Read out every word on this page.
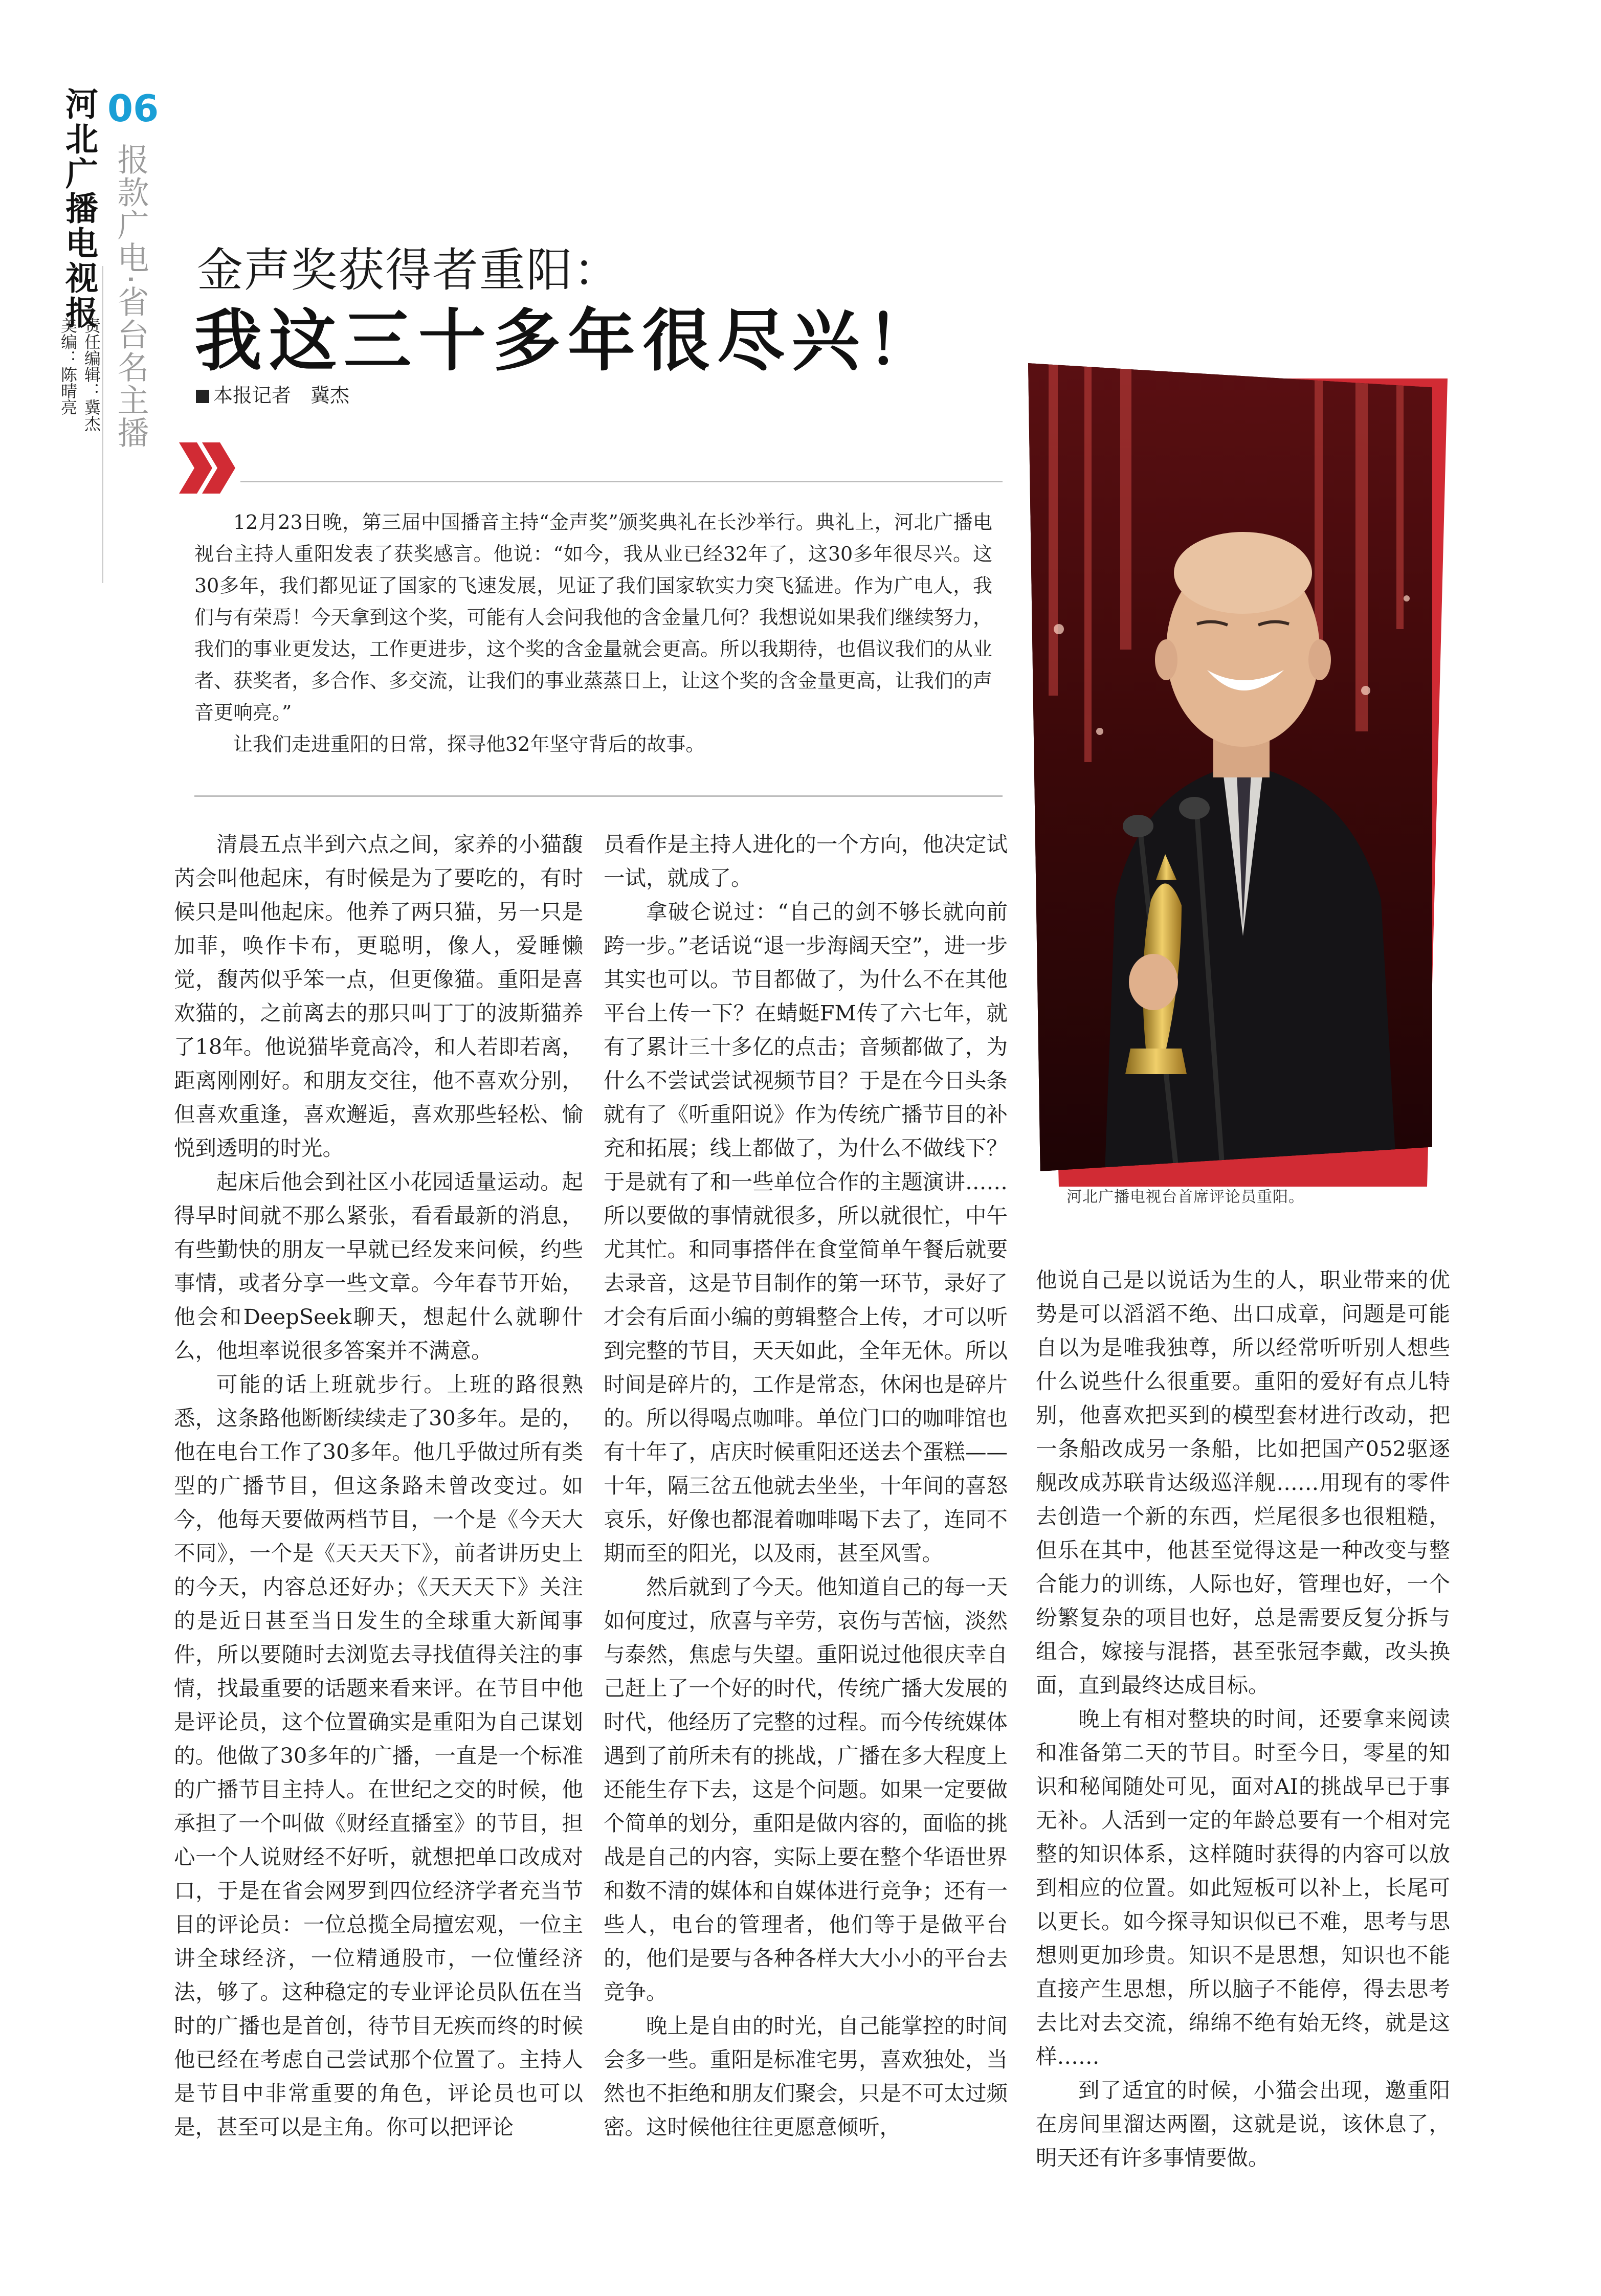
河北广播电视报 06
报款广电·省台名主播
责任编辑：冀杰
美编：陈晴亮
金声奖获得者重阳：
我这三十多年很尽兴！
本报记者　冀杰

12月23日晚，第三届中国播音主持“金声奖”颁奖典礼在长沙举行。典礼上，河北广播电视台主持人重阳发表了获奖感言。他说：“如今，我从业已经32年了，这30多年很尽兴。这30多年，我们都见证了国家的飞速发展，见证了我们国家软实力突飞猛进。作为广电人，我们与有荣焉！今天拿到这个奖，可能有人会问我他的含金量几何？我想说如果我们继续努力，我们的事业更发达，工作更进步，这个奖的含金量就会更高。所以我期待，也倡议我们的从业者、获奖者，多合作、多交流，让我们的事业蒸蒸日上，让这个奖的含金量更高，让我们的声音更响亮。”

让我们走进重阳的日常，探寻他32年坚守背后的故事。

河北广播电视台首席评论员重阳。

清晨五点半到六点之间，家养的小猫馥芮会叫他起床，有时候是为了要吃的，有时候只是叫他起床。他养了两只猫，另一只是加菲，唤作卡布，更聪明，像人，爱睡懒觉，馥芮似乎笨一点，但更像猫。重阳是喜欢猫的，之前离去的那只叫丁丁的波斯猫养了18年。他说猫毕竟高冷，和人若即若离，距离刚刚好。和朋友交往，他不喜欢分别，但喜欢重逢，喜欢邂逅，喜欢那些轻松、愉悦到透明的时光。

起床后他会到社区小花园适量运动。起得早时间就不那么紧张，看看最新的消息，有些勤快的朋友一早就已经发来问候，约些事情，或者分享一些文章。今年春节开始，他会和DeepSeek聊天，想起什么就聊什么，他坦率说很多答案并不满意。

可能的话上班就步行。上班的路很熟悉，这条路他断断续续走了30多年。是的，他在电台工作了30多年。他几乎做过所有类型的广播节目，但这条路未曾改变过。如今，他每天要做两档节目，一个是《今天大不同》，一个是《天天天下》，前者讲历史上的今天，内容总还好办；《天天天下》关注的是近日甚至当日发生的全球重大新闻事件，所以要随时去浏览去寻找值得关注的事情，找最重要的话题来看来评。在节目中他是评论员，这个位置确实是重阳为自己谋划的。他做了30多年的广播，一直是一个标准的广播节目主持人。在世纪之交的时候，他承担了一个叫做《财经直播室》的节目，担心一个人说财经不好听，就想把单口改成对口，于是在省会网罗到四位经济学者充当节目的评论员：一位总揽全局擅宏观，一位主讲全球经济，一位精通股市，一位懂经济法，够了。这种稳定的专业评论员队伍在当时的广播也是首创，待节目无疾而终的时候他已经在考虑自己尝试那个位置了。主持人是节目中非常重要的角色，评论员也可以是，甚至可以是主角。你可以把评论

员看作是主持人进化的一个方向，他决定试一试，就成了。

拿破仑说过：“自己的剑不够长就向前跨一步。”老话说“退一步海阔天空”，进一步其实也可以。节目都做了，为什么不在其他平台上传一下？在蜻蜓FM传了六七年，就有了累计三十多亿的点击；音频都做了，为什么不尝试尝试视频节目？于是在今日头条就有了《听重阳说》作为传统广播节目的补充和拓展；线上都做了，为什么不做线下？于是就有了和一些单位合作的主题演讲……所以要做的事情就很多，所以就很忙，中午尤其忙。和同事搭伴在食堂简单午餐后就要去录音，这是节目制作的第一环节，录好了才会有后面小编的剪辑整合上传，才可以听到完整的节目，天天如此，全年无休。所以时间是碎片的，工作是常态，休闲也是碎片的。所以得喝点咖啡。单位门口的咖啡馆也有十年了，店庆时候重阳还送去个蛋糕——十年，隔三岔五他就去坐坐，十年间的喜怒哀乐，好像也都混着咖啡喝下去了，连同不期而至的阳光，以及雨，甚至风雪。

然后就到了今天。他知道自己的每一天如何度过，欣喜与辛劳，哀伤与苦恼，淡然与泰然，焦虑与失望。重阳说过他很庆幸自己赶上了一个好的时代，传统广播大发展的时代，他经历了完整的过程。而今传统媒体遇到了前所未有的挑战，广播在多大程度上还能生存下去，这是个问题。如果一定要做个简单的划分，重阳是做内容的，面临的挑战是自己的内容，实际上要在整个华语世界和数不清的媒体和自媒体进行竞争；还有一些人，电台的管理者，他们等于是做平台的，他们是要与各种各样大大小小的平台去竞争。

晚上是自由的时光，自己能掌控的时间会多一些。重阳是标准宅男，喜欢独处，当然也不拒绝和朋友们聚会，只是不可太过频密。这时候他往往更愿意倾听，

他说自己是以说话为生的人，职业带来的优势是可以滔滔不绝、出口成章，问题是可能自以为是唯我独尊，所以经常听听别人想些什么说些什么很重要。重阳的爱好有点儿特别，他喜欢把买到的模型套材进行改动，把一条船改成另一条船，比如把国产052驱逐舰改成苏联肯达级巡洋舰……用现有的零件去创造一个新的东西，烂尾很多也很粗糙，但乐在其中，他甚至觉得这是一种改变与整合能力的训练，人际也好，管理也好，一个纷繁复杂的项目也好，总是需要反复分拆与组合，嫁接与混搭，甚至张冠李戴，改头换面，直到最终达成目标。

晚上有相对整块的时间，还要拿来阅读和准备第二天的节目。时至今日，零星的知识和秘闻随处可见，面对AI的挑战早已于事无补。人活到一定的年龄总要有一个相对完整的知识体系，这样随时获得的内容可以放到相应的位置。如此短板可以补上，长尾可以更长。如今探寻知识似已不难，思考与思想则更加珍贵。知识不是思想，知识也不能直接产生思想，所以脑子不能停，得去思考去比对去交流，绵绵不绝有始无终，就是这样……

到了适宜的时候，小猫会出现，邀重阳在房间里溜达两圈，这就是说，该休息了，明天还有许多事情要做。
